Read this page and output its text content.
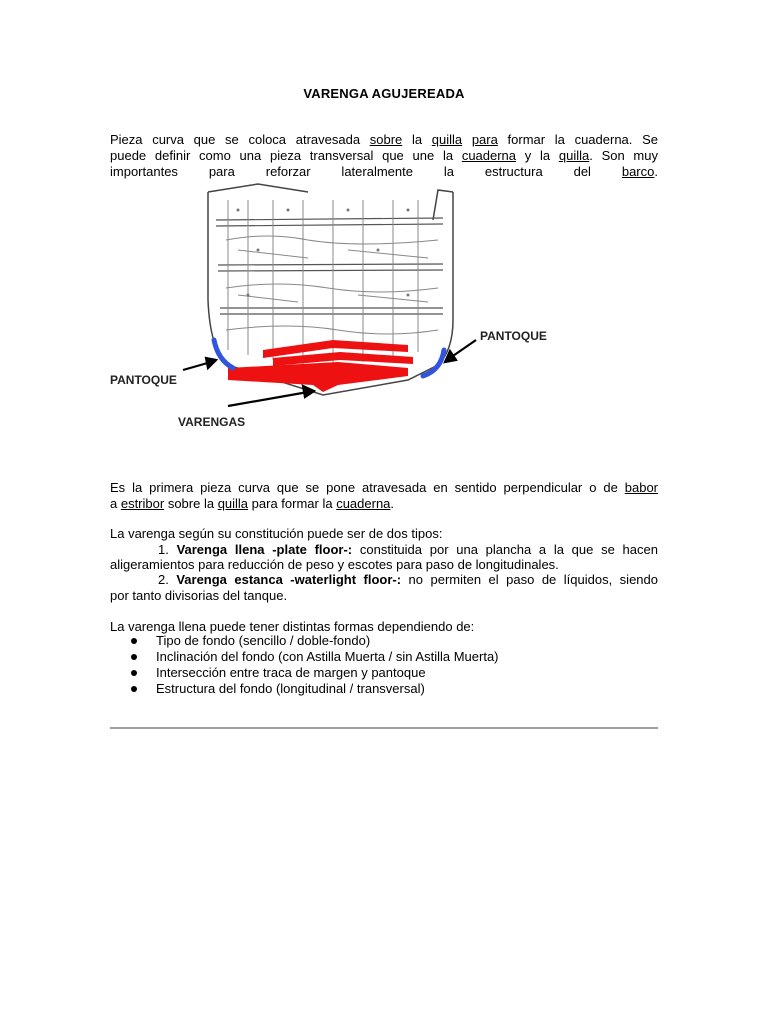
VARENGA AGUJEREADA
Pieza curva que se coloca atravesada sobre la quilla para formar la cuaderna. Se
puede definir como una pieza transversal que une la cuaderna y la quilla. Son muy
importantes para reforzar lateralmente la estructura del barco.
PANTOQUE
PANTOQUE
VARENGAS
Es la primera pieza curva que se pone atravesada en sentido perpendicular o de babor
a estribor sobre la quilla para formar la cuaderna.
La varenga según su constitución puede ser de dos tipos:
1. Varenga llena -plate floor-: constituida por una plancha a la que se hacen
aligeramientos para reducción de peso y escotes para paso de longitudinales.
2. Varenga estanca -waterlight floor-: no permiten el paso de líquidos, siendo
por tanto divisorias del tanque.
La varenga llena puede tener distintas formas dependiendo de:
Tipo de fondo (sencillo / doble-fondo)
Inclinación del fondo (con Astilla Muerta / sin Astilla Muerta)
Intersección entre traca de margen y pantoque
Estructura del fondo (longitudinal / transversal)
